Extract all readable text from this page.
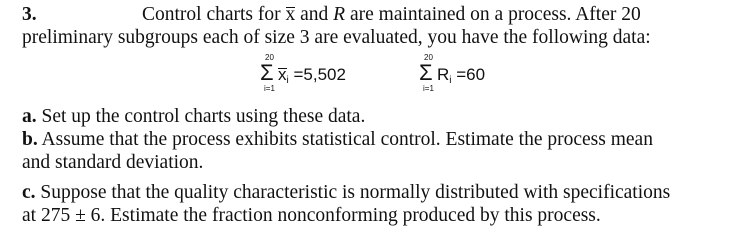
3.	Control charts for x and R are maintained on a process. After 20
preliminary subgroups each of size 3 are evaluated, you have the following data:
20
Σ
i=1
$x_i =5,502$
20
Σ
i=1
$R_i =60$
a. Set up the control charts using these data.
b. Assume that the process exhibits statistical control. Estimate the process mean
and standard deviation.
c. Suppose that the quality characteristic is normally distributed with specifications
at 275 ± 6. Estimate the fraction nonconforming produced by this process.
